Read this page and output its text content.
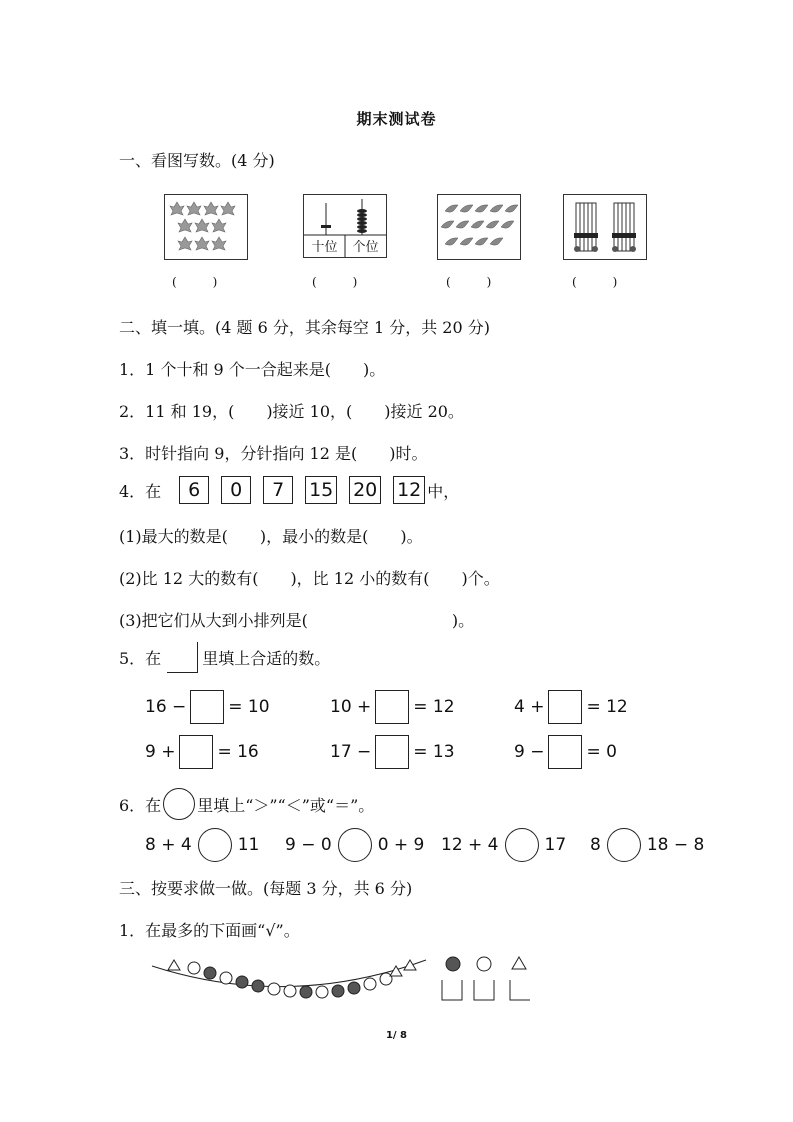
期末测试卷
一、看图写数。(4 分)
十位	个位
(　　　)	(　　　)	(　　　)	(　　　)
二、填一填。(4 题 6 分，其余每空 1 分，共 20 分)
1．1 个十和 9 个一合起来是(　　)。
2．11 和 19，(　　)接近 10，(　　)接近 20。
3．时针指向 9，分针指向 12 是(　　)时。
4．在	6	0	7	15 20 12 中，
(1)最大的数是(　　)，最小的数是(　　)。
(2)比 12 大的数有(　　)，比 12 小的数有(　　)个。
(3)把它们从大到小排列是(　　　　　　　　　)。
5．在	里填上合适的数。
16 − = 10	10 + = 12	4 + = 12
9 + = 16	17 − = 13	9 − = 0
6．在 里填上“＞”“＜”或“＝”。
8 + 4	11 9 − 0	0 + 9 12 + 4	17 8	18 − 8
三、按要求做一做。(每题 3 分，共 6 分)
1．在最多的下面画“√”。
1/ 8
